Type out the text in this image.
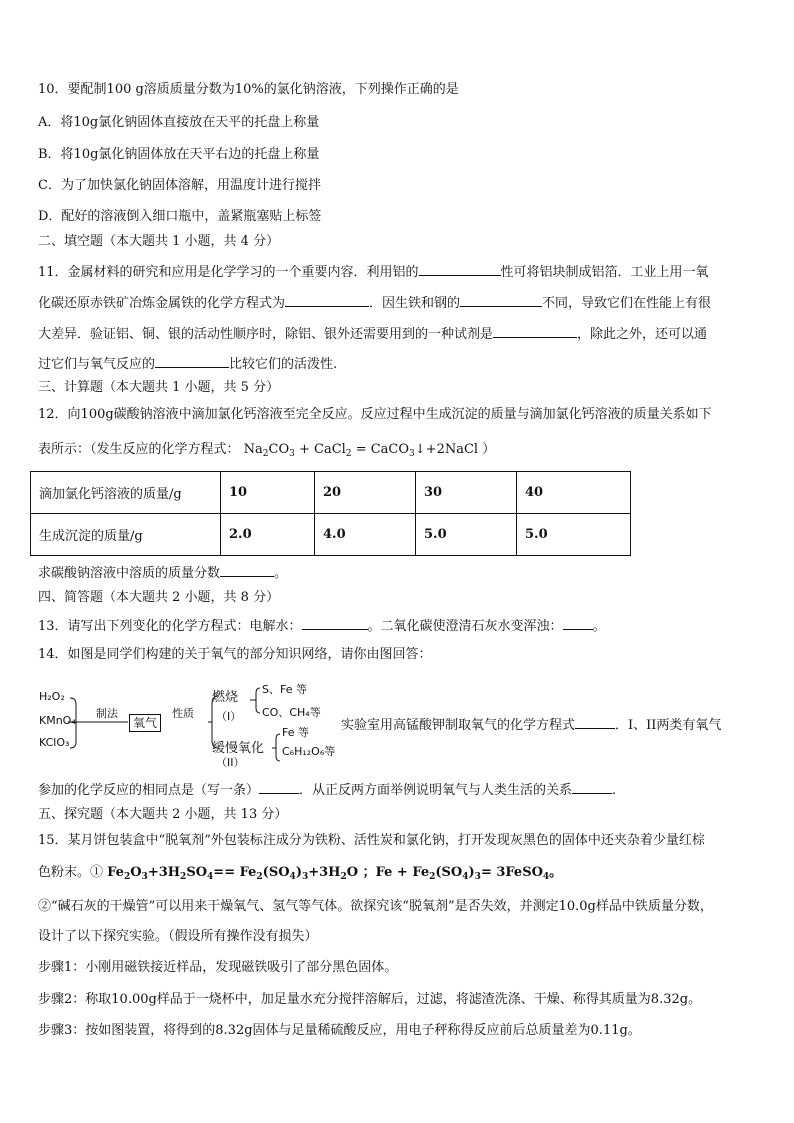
10．要配制100 g溶质质量分数为10%的氯化钠溶液，下列操作正确的是
A．将10g氯化钠固体直接放在天平的托盘上称量
B．将10g氯化钠固体放在天平右边的托盘上称量
C．为了加快氯化钠固体溶解，用温度计进行搅拌
D．配好的溶液倒入细口瓶中，盖紧瓶塞贴上标签
二、填空题（本大题共 1 小题，共 4 分）
11．金属材料的研究和应用是化学学习的一个重要内容．利用铝的	性可将铝块制成铝箔．工业上用一氧
化碳还原赤铁矿冶炼金属铁的化学方程式为	．因生铁和钢的	不同，导致它们在性能上有很
大差异．验证铝、铜、银的活动性顺序时，除铝、银外还需要用到的一种试剂是	，除此之外，还可以通
过它们与氧气反应的	比较它们的活泼性.
三、计算题（本大题共 1 小题，共 5 分）
12．向100g碳酸钠溶液中滴加氯化钙溶液至完全反应。反应过程中生成沉淀的质量与滴加氯化钙溶液的质量关系如下
表所示：（发生反应的化学方程式： $Na_2CO_3$ + CaCl$_2$ = CaCO$_3$↓+2NaCl ）
滴加氯化钙溶液的质量/g	10	20	30	40
生成沉淀的质量/g	2.0	4.0	5.0	5.0
求碳酸钠溶液中溶质的质量分数	。
四、简答题（本大题共 2 小题，共 8 分）
13．请写出下列变化的化学方程式：电解水：	。二氧化碳使澄清石灰水变浑浊： 。
14．如图是同学们构建的关于氧气的部分知识网络，请你由图回答：
H₂O₂
KMnO₄
KClO₃
制法
氧气
性质
燃烧
（I）
S、Fe 等
CO、CH₄等
缓慢氧化
（II）
Fe 等
C₆H₁₂O₆等
实验室用高锰酸钾制取氧气的化学方程式	．I、II两类有氧气
参加的化学反应的相同点是（写一条）	．从正反两方面举例说明氧气与人类生活的关系	.
五、探究题（本大题共 2 小题，共 13 分）
15．某月饼包装盒中“脱氧剂”外包装标注成分为铁粉、活性炭和氯化钠，打开发现灰黑色的固体中还夹杂着少量红棕
色粉末。① $Fe_2O_3+3H_2SO_4== Fe_2(SO_4)_3+3H_2O$ ；$Fe + Fe_2(SO_4)_3=$ 3FeSO$_4$。
②“碱石灰的干燥管”可以用来干燥氧气、氢气等气体。欲探究该“脱氧剂”是否失效，并测定10.0g样品中铁质量分数，
设计了以下探究实验。（假设所有操作没有损失）
步骤1：小刚用磁铁接近样品，发现磁铁吸引了部分黑色固体。
步骤2：称取10.00g样品于一烧杯中，加足量水充分搅拌溶解后，过滤，将滤渣洗涤、干燥、称得其质量为8.32g。
步骤3：按如图装置，将得到的8.32g固体与足量稀硫酸反应，用电子秤称得反应前后总质量差为0.11g。
